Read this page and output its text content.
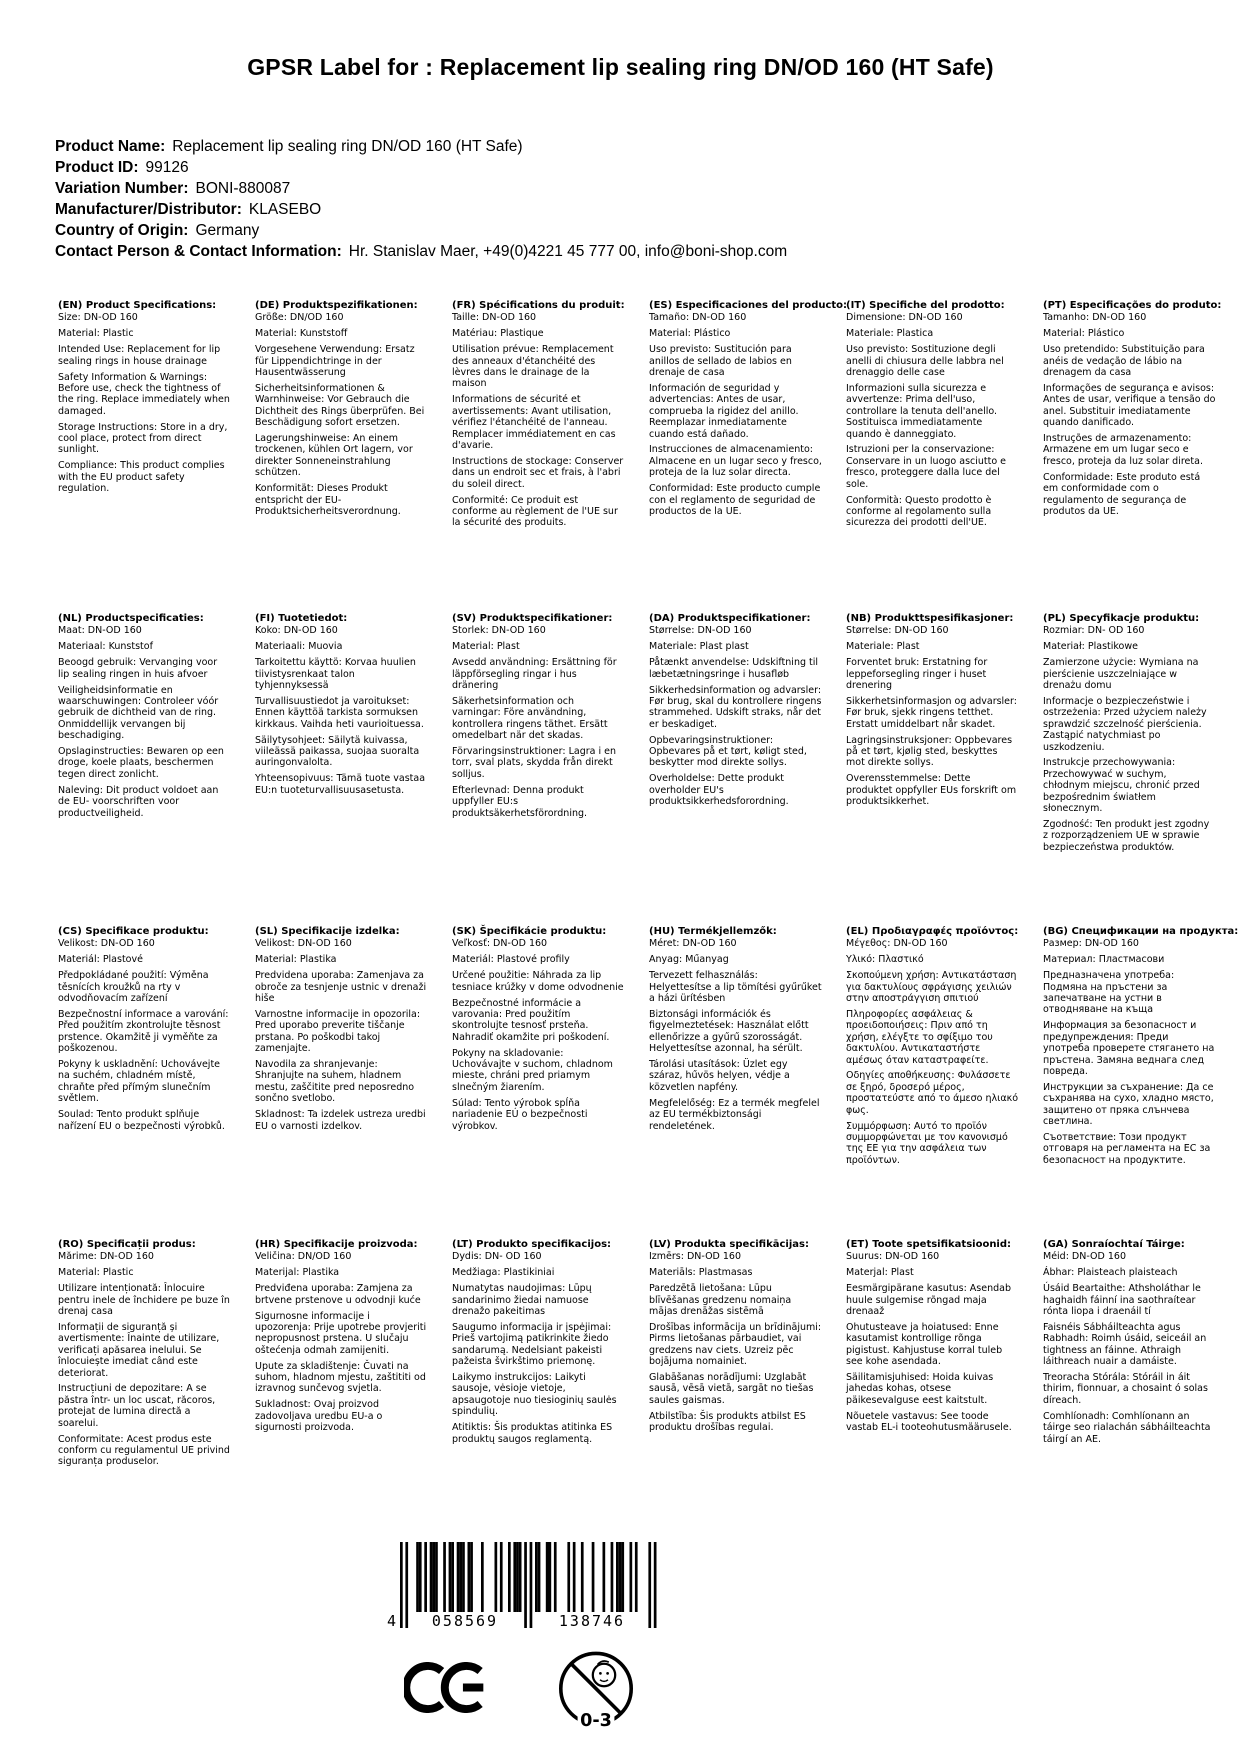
GPSR Label for : Replacement lip sealing ring DN/OD 160 (HT Safe)
Product Name: Replacement lip sealing ring DN/OD 160 (HT Safe)
Product ID: 99126
Variation Number: BONI-880087
Manufacturer/Distributor: KLASEBO
Country of Origin: Germany
Contact Person & Contact Information: Hr. Stanislav Maer, +49(0)4221 45 777 00, info@boni-shop.com
(EN) Product Specifications:

Size: DN-OD 160

Material: Plastic

Intended Use: Replacement for lip sealing rings in house drainage

Safety Information & Warnings: Before use, check the tightness of the ring. Replace immediately when damaged.

Storage Instructions: Store in a dry, cool place, protect from direct sunlight.

Compliance: This product complies with the EU product safety regulation.

(DE) Produktspezifikationen:

Größe: DN/OD 160

Material: Kunststoff

Vorgesehene Verwendung: Ersatz für Lippendichtringe in der Hausentwässerung

Sicherheitsinformationen & Warnhinweise: Vor Gebrauch die Dichtheit des Rings überprüfen. Bei Beschädigung sofort ersetzen.

Lagerungshinweise: An einem trockenen, kühlen Ort lagern, vor direkter Sonneneinstrahlung schützen.

Konformität: Dieses Produkt entspricht der EU-Produktsicherheitsverordnung.

(FR) Spécifications du produit:

Taille: DN-OD 160

Matériau: Plastique

Utilisation prévue: Remplacement des anneaux d'étanchéité des lèvres dans le drainage de la maison

Informations de sécurité et avertissements: Avant utilisation, vérifiez l'étanchéité de l'anneau. Remplacer immédiatement en cas d'avarie.

Instructions de stockage: Conserver dans un endroit sec et frais, à l'abri du soleil direct.

Conformité: Ce produit est conforme au règlement de l'UE sur la sécurité des produits.

(ES) Especificaciones del producto:

Tamaño: DN-OD 160

Material: Plástico

Uso previsto: Sustitución para anillos de sellado de labios en drenaje de casa

Información de seguridad y advertencias: Antes de usar, comprueba la rigidez del anillo. Reemplazar inmediatamente cuando está dañado.

Instrucciones de almacenamiento: Almacene en un lugar seco y fresco, proteja de la luz solar directa.

Conformidad: Este producto cumple con el reglamento de seguridad de productos de la UE.

(IT) Specifiche del prodotto:

Dimensione: DN-OD 160

Materiale: Plastica

Uso previsto: Sostituzione degli anelli di chiusura delle labbra nel drenaggio delle case

Informazioni sulla sicurezza e avvertenze: Prima dell'uso, controllare la tenuta dell'anello. Sostituisca immediatamente quando è danneggiato.

Istruzioni per la conservazione: Conservare in un luogo asciutto e fresco, proteggere dalla luce del sole.

Conformità: Questo prodotto è conforme al regolamento sulla sicurezza dei prodotti dell'UE.

(PT) Especificações do produto:

Tamanho: DN-OD 160

Material: Plástico

Uso pretendido: Substituição para anéis de vedação de lábio na drenagem da casa

Informações de segurança e avisos: Antes de usar, verifique a tensão do anel. Substituir imediatamente quando danificado.

Instruções de armazenamento: Armazene em um lugar seco e fresco, proteja da luz solar direta.

Conformidade: Este produto está em conformidade com o regulamento de segurança de produtos da UE.

(NL) Productspecificaties:

Maat: DN-OD 160

Materiaal: Kunststof

Beoogd gebruik: Vervanging voor lip sealing ringen in huis afvoer

Veiligheidsinformatie en waarschuwingen: Controleer vóór gebruik de dichtheid van de ring. Onmiddellijk vervangen bij beschadiging.

Opslaginstructies: Bewaren op een droge, koele plaats, beschermen tegen direct zonlicht.

Naleving: Dit product voldoet aan de EU- voorschriften voor productveiligheid.

(FI) Tuotetiedot:

Koko: DN-OD 160

Materiaali: Muovia

Tarkoitettu käyttö: Korvaa huulien tiivistysrenkaat talon tyhjennyksessä

Turvallisuustiedot ja varoitukset: Ennen käyttöä tarkista sormuksen kirkkaus. Vaihda heti vaurioituessa.

Säilytysohjeet: Säilytä kuivassa, viileässä paikassa, suojaa suoralta auringonvalolta.

Yhteensopivuus: Tämä tuote vastaa EU:n tuoteturvallisuusasetusta.

(SV) Produktspecifikationer:

Storlek: DN-OD 160

Material: Plast

Avsedd användning: Ersättning för läppförsegling ringar i hus dränering

Säkerhetsinformation och varningar: Före användning, kontrollera ringens täthet. Ersätt omedelbart när det skadas.

Förvaringsinstruktioner: Lagra i en torr, sval plats, skydda från direkt solljus.

Efterlevnad: Denna produkt uppfyller EU:s produktsäkerhetsförordning.

(DA) Produktspecifikationer:

Størrelse: DN-OD 160

Materiale: Plast plast

Påtænkt anvendelse: Udskiftning til læbetætningsringe i husafløb

Sikkerhedsinformation og advarsler: Før brug, skal du kontrollere ringens strammehed. Udskift straks, når det er beskadiget.

Opbevaringsinstruktioner: Opbevares på et tørt, køligt sted, beskytter mod direkte sollys.

Overholdelse: Dette produkt overholder EU's produktsikkerhedsforordning.

(NB) Produkttspesifikasjoner:

Størrelse: DN-OD 160

Materiale: Plast

Forventet bruk: Erstatning for leppeforsegling ringer i huset drenering

Sikkerhetsinformasjon og advarsler: Før bruk, sjekk ringens tetthet. Erstatt umiddelbart når skadet.

Lagringsinstruksjoner: Oppbevares på et tørt, kjølig sted, beskyttes mot direkte sollys.

Overensstemmelse: Dette produktet oppfyller EUs forskrift om produktsikkerhet.

(PL) Specyfikacje produktu:

Rozmiar: DN- OD 160

Materiał: Plastikowe

Zamierzone użycie: Wymiana na pierścienie uszczelniające w drenażu domu

Informacje o bezpieczeństwie i ostrzeżenia: Przed użyciem należy sprawdzić szczelność pierścienia. Zastąpić natychmiast po uszkodzeniu.

Instrukcje przechowywania: Przechowywać w suchym, chłodnym miejscu, chronić przed bezpośrednim światłem słonecznym.

Zgodność: Ten produkt jest zgodny z rozporządzeniem UE w sprawie bezpieczeństwa produktów.

(CS) Specifikace produktu:

Velikost: DN-OD 160

Materiál: Plastové

Předpokládané použití: Výměna těsnících kroužků na rty v odvodňovacím zařízení

Bezpečnostní informace a varování: Před použitím zkontrolujte těsnost prstence. Okamžitě ji vyměňte za poškozenou.

Pokyny k uskladnění: Uchovávejte na suchém, chladném místě, chraňte před přímým slunečním světlem.

Soulad: Tento produkt splňuje nařízení EU o bezpečnosti výrobků.

(SL) Specifikacije izdelka:

Velikost: DN-OD 160

Material: Plastika

Predvidena uporaba: Zamenjava za obroče za tesnjenje ustnic v drenaži hiše

Varnostne informacije in opozorila: Pred uporabo preverite tiščanje prstana. Po poškodbi takoj zamenjajte.

Navodila za shranjevanje: Shranjujte na suhem, hladnem mestu, zaščitite pred neposredno sončno svetlobo.

Skladnost: Ta izdelek ustreza uredbi EU o varnosti izdelkov.

(SK) Špecifikácie produktu:

Veľkosť: DN-OD 160

Materiál: Plastové profily

Určené použitie: Náhrada za lip tesniace krúžky v dome odvodnenie

Bezpečnostné informácie a varovania: Pred použitím skontrolujte tesnosť prsteňa. Nahradiť okamžite pri poškodení.

Pokyny na skladovanie: Uchovávajte v suchom, chladnom mieste, chráni pred priamym slnečným žiarením.

Súlad: Tento výrobok spĺňa nariadenie EÚ o bezpečnosti výrobkov.

(HU) Termékjellemzők:

Méret: DN-OD 160

Anyag: Műanyag

Tervezett felhasználás: Helyettesítse a lip tömítési gyűrűket a házi ürítésben

Biztonsági információk és figyelmeztetések: Használat előtt ellenőrizze a gyűrű szorosságát. Helyettesítse azonnal, ha sérült.

Tárolási utasítások: Üzlet egy száraz, hűvös helyen, védje a közvetlen napfény.

Megfelelőség: Ez a termék megfelel az EU termékbiztonsági rendeletének.

(EL) Προδιαγραφές προϊόντος:

Μέγεθος: DN-OD 160

Υλικό: Πλαστικό

Σκοπούμενη χρήση: Αντικατάσταση για δακτυλίους σφράγισης χειλιών στην αποστράγγιση σπιτιού

Πληροφορίες ασφάλειας & προειδοποιήσεις: Πριν από τη χρήση, ελέγξτε το σφίξιμο του δακτυλίου. Αντικαταστήστε αμέσως όταν καταστραφείτε.

Οδηγίες αποθήκευσης: Φυλάσσετε σε ξηρό, δροσερό μέρος, προστατεύστε από το άμεσο ηλιακό φως.

Συμμόρφωση: Αυτό το προϊόν συμμορφώνεται με τον κανονισμό της ΕΕ για την ασφάλεια των προϊόντων.

(BG) Спецификации на продукта:

Размер: DN-OD 160

Материал: Пластмасови

Предназначена употреба: Подмяна на пръстени за запечатване на устни в отводняване на къща

Информация за безопасност и предупреждения: Преди употреба проверете стягането на пръстена. Замяна веднага след повреда.

Инструкции за съхранение: Да се съхранява на сухо, хладно място, защитено от пряка слънчева светлина.

Съответствие: Този продукт отговаря на регламента на ЕС за безопасност на продуктите.

(RO) Specificații produs:

Mărime: DN-OD 160

Material: Plastic

Utilizare intenționată: Înlocuire pentru inele de închidere pe buze în drenaj casa

Informații de siguranță și avertismente: Înainte de utilizare, verificați apăsarea inelului. Se înlocuiește imediat când este deteriorat.

Instrucțiuni de depozitare: A se păstra într- un loc uscat, răcoros, protejat de lumina directă a soarelui.

Conformitate: Acest produs este conform cu regulamentul UE privind siguranța produselor.

(HR) Specifikacije proizvoda:

Veličina: DN/OD 160

Materijal: Plastika

Predviđena uporaba: Zamjena za brtvene prstenove u odvodnji kuće

Sigurnosne informacije i upozorenja: Prije upotrebe provjeriti nepropusnost prstena. U slučaju oštećenja odmah zamijeniti.

Upute za skladištenje: Čuvati na suhom, hladnom mjestu, zaštititi od izravnog sunčevog svjetla.

Sukladnost: Ovaj proizvod zadovoljava uredbu EU-a o sigurnosti proizvoda.

(LT) Produkto specifikacijos:

Dydis: DN- OD 160

Medžiaga: Plastikiniai

Numatytas naudojimas: Lūpų sandarinimo žiedai namuose drenažo pakeitimas

Saugumo informacija ir įspėjimai: Prieš vartojimą patikrinkite žiedo sandarumą. Nedelsiant pakeisti pažeista švirkštimo priemonę.

Laikymo instrukcijos: Laikyti sausoje, vėsioje vietoje, apsaugotoje nuo tiesioginių saulės spindulių.

Atitiktis: Šis produktas atitinka ES produktų saugos reglamentą.

(LV) Produkta specifikācijas:

Izmērs: DN-OD 160

Materiāls: Plastmasas

Paredzētā lietošana: Lūpu blīvēšanas gredzenu nomaiņa mājas drenāžas sistēmā

Drošības informācija un brīdinājumi: Pirms lietošanas pārbaudiet, vai gredzens nav ciets. Uzreiz pēc bojājuma nomainiet.

Glabāšanas norādījumi: Uzglabāt sausā, vēsā vietā, sargāt no tiešas saules gaismas.

Atbilstība: Šis produkts atbilst ES produktu drošības regulai.

(ET) Toote spetsifikatsioonid:

Suurus: DN-OD 160

Materjal: Plast

Eesmärgipärane kasutus: Asendab huule sulgemise rõngad maja drenaaž

Ohutusteave ja hoiatused: Enne kasutamist kontrollige rõnga pigistust. Kahjustuse korral tuleb see kohe asendada.

Säilitamisjuhised: Hoida kuivas jahedas kohas, otsese päikesevalguse eest kaitstult.

Nõuetele vastavus: See toode vastab EL-i tooteohutusmäärusele.

(GA) Sonraíochtaí Táirge:

Méid: DN-OD 160

Ábhar: Plaisteach plaisteach

Úsáid Beartaithe: Athsholáthar le haghaidh fáinní ina saothraítear rónta liopa i draenáil tí

Faisnéis Sábháilteachta agus Rabhadh: Roimh úsáid, seiceáil an tightness an fáinne. Athraigh láithreach nuair a damáiste.

Treoracha Stórála: Stóráil in áit thirim, fionnuar, a chosaint ó solas díreach.

Comhlíonadh: Comhlíonann an táirge seo rialachán sábháilteachta táirgí an AE.

4	058569	138746
0-3
